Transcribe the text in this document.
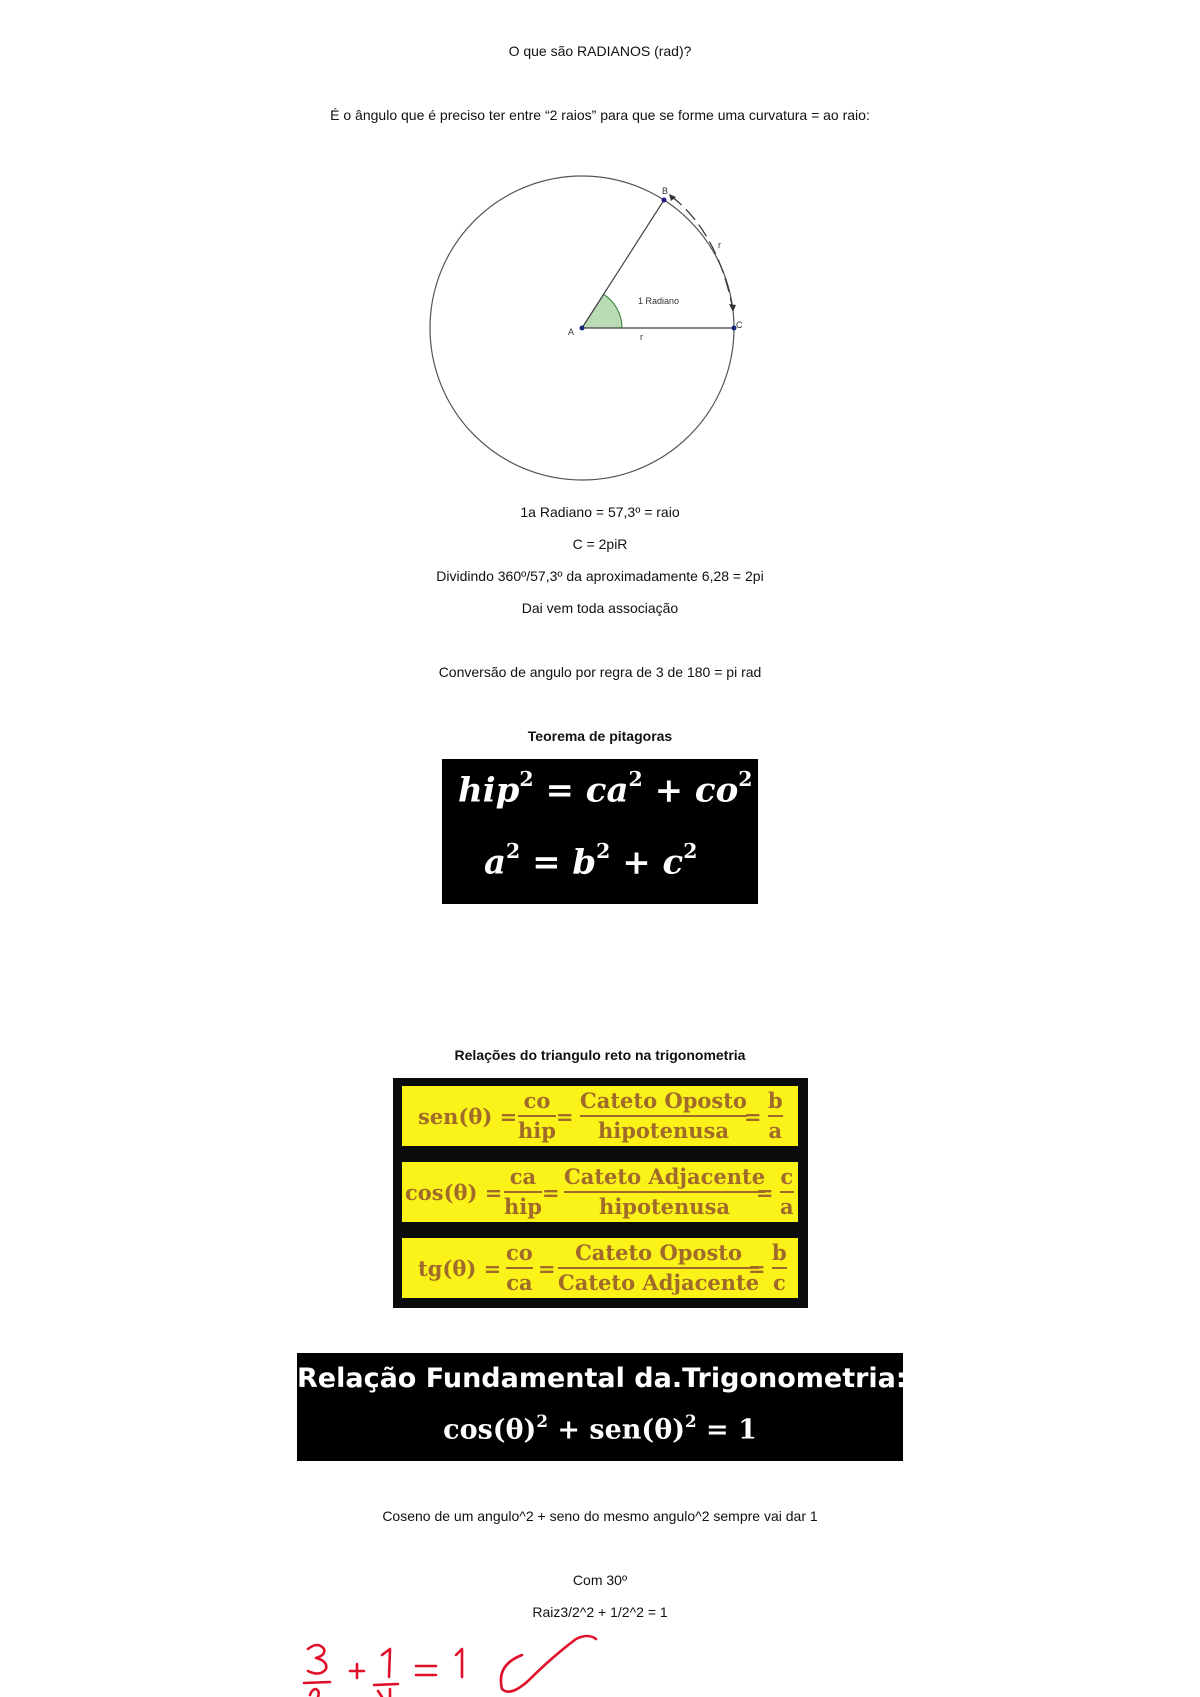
O que são RADIANOS (rad)?
É o ângulo que é preciso ter entre “2 raios” para que se forme uma curvatura = ao raio:
A
C
B
1 Radiano
r
r
1a Radiano = 57,3º = raio
C = 2piR
Dividindo 360º/57,3º da aproximadamente 6,28 = 2pi
Dai vem toda associação
Conversão de angulo por regra de 3 de 180 = pi rad
Teorema de pitagoras
$hip^2 = ca^2 + co^2$
$a^2 = b^2 + c^2$
Relações do triangulo reto na trigonometria
sen(θ) =
co
hip
=
Cateto Oposto
hipotenusa
=
b
a
cos(θ) =
ca
hip
=
Cateto Adjacente
hipotenusa
=
c
a
tg(θ) =
co
ca
=
Cateto Oposto
Cateto Adjacente
=
b
c
Relação Fundamental da.Trigonometria:
$\cos(\theta)^2 + sen(\theta)^2 = 1$
Coseno de um angulo^2 + seno do mesmo angulo^2 sempre vai dar 1
Com 30º
Raiz3/2^2 + 1/2^2 = 1
